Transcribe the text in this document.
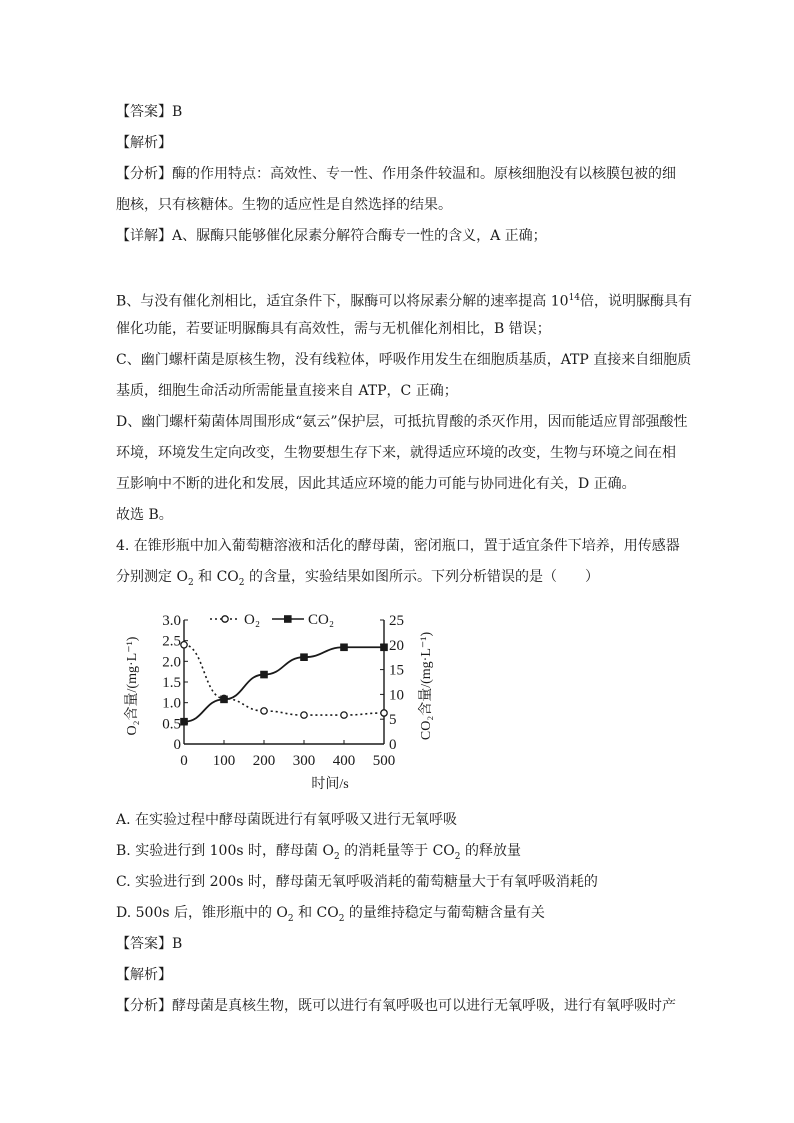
【答案】B
【解析】
【分析】酶的作用特点：高效性、专一性、作用条件较温和。原核细胞没有以核膜包被的细
胞核，只有核糖体。生物的适应性是自然选择的结果。
【详解】A、脲酶只能够催化尿素分解符合酶专一性的含义，A 正确；
B、与没有催化剂相比，适宜条件下，脲酶可以将尿素分解的速率提高 $10^{14}$倍，说明脲酶具有
催化功能，若要证明脲酶具有高效性，需与无机催化剂相比，B 错误；
C、幽门螺杆菌是原核生物，没有线粒体，呼吸作用发生在细胞质基质，ATP 直接来自细胞质
基质，细胞生命活动所需能量直接来自 ATP，C 正确；
D、幽门螺杆菊菌体周围形成“氨云”保护层，可抵抗胃酸的杀灭作用，因而能适应胃部强酸性
环境，环境发生定向改变，生物要想生存下来，就得适应环境的改变，生物与环境之间在相
互影响中不断的进化和发展，因此其适应环境的能力可能与协同进化有关，D 正确。
故选 B。
4. 在锥形瓶中加入葡萄糖溶液和活化的酵母菌，密闭瓶口，置于适宜条件下培养，用传感器
分别测定 $O_2$ 和 $CO_2$ 的含量，实验结果如图所示。下列分析错误的是（　　）
3.0
2.5
2.0
1.5
1.0
0.5
0
25
20
15
10
5
0
0 100 200 300 400 500
时间/s
O₂含量/(mg·L⁻¹)	CO₂含量/(mg·L⁻¹)
O₂	CO₂
A. 在实验过程中酵母菌既进行有氧呼吸又进行无氧呼吸
B. 实验进行到 100s 时，酵母菌 $O_2$ 的消耗量等于 $CO_2$ 的释放量
C. 实验进行到 200s 时，酵母菌无氧呼吸消耗的葡萄糖量大于有氧呼吸消耗的
D. 500s 后，锥形瓶中的 $O_2$ 和 $CO_2$ 的量维持稳定与葡萄糖含量有关
【答案】B
【解析】
【分析】酵母菌是真核生物，既可以进行有氧呼吸也可以进行无氧呼吸，进行有氧呼吸时产
